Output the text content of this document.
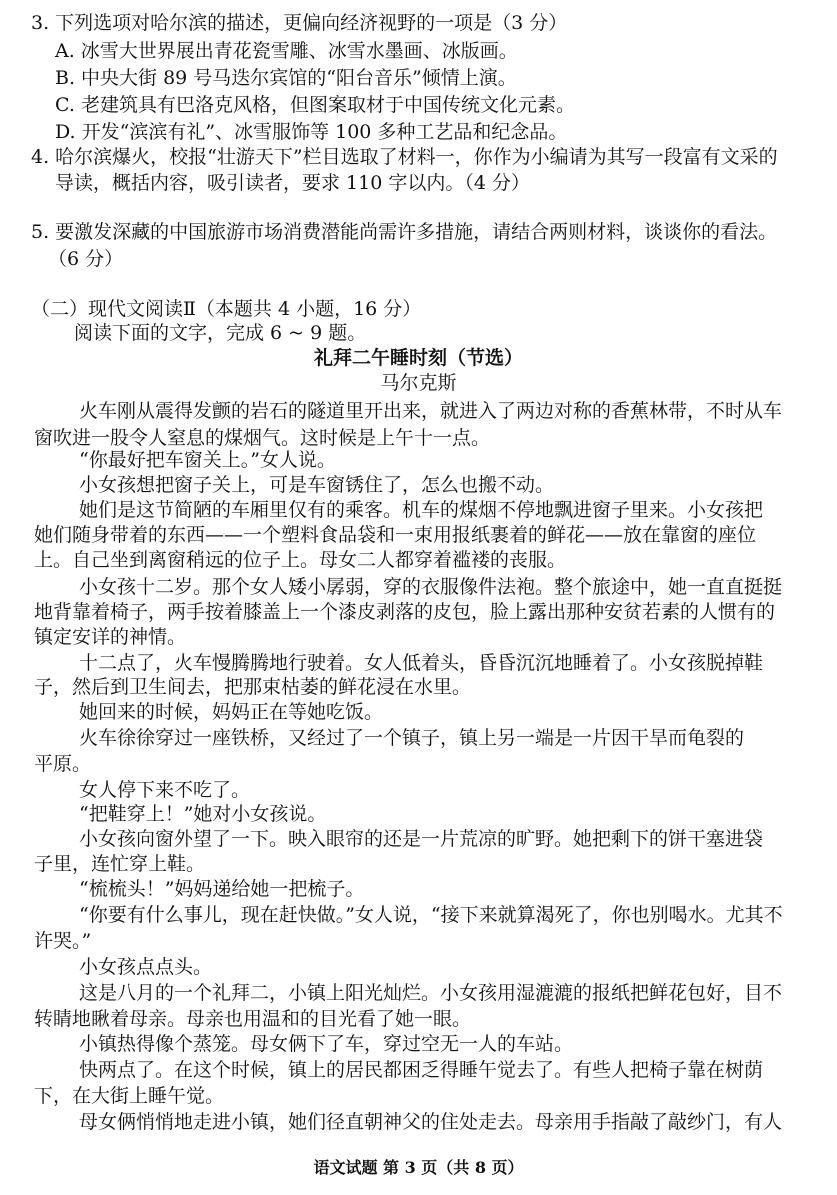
3. 下列选项对哈尔滨的描述，更偏向经济视野的一项是（3 分）
A. 冰雪大世界展出青花瓷雪雕、冰雪水墨画、冰版画。
B. 中央大街 89 号马迭尔宾馆的“阳台音乐”倾情上演。
C. 老建筑具有巴洛克风格，但图案取材于中国传统文化元素。
D. 开发“滨滨有礼”、冰雪服饰等 100 多种工艺品和纪念品。
4. 哈尔滨爆火，校报“壮游天下”栏目选取了材料一，你作为小编请为其写一段富有文采的
导读，概括内容，吸引读者，要求 110 字以内。（4 分）
5. 要激发深藏的中国旅游市场消费潜能尚需许多措施，请结合两则材料，谈谈你的看法。
（6 分）
（二）现代文阅读Ⅱ（本题共 4 小题，16 分）
阅读下面的文字，完成 6 ~ 9 题。
礼拜二午睡时刻（节选）
马尔克斯
火车刚从震得发颤的岩石的隧道里开出来，就进入了两边对称的香蕉林带，不时从车
窗吹进一股令人窒息的煤烟气。这时候是上午十一点。
“你最好把车窗关上。”女人说。
小女孩想把窗子关上，可是车窗锈住了，怎么也搬不动。
她们是这节简陋的车厢里仅有的乘客。机车的煤烟不停地飘进窗子里来。小女孩把
她们随身带着的东西——一个塑料食品袋和一束用报纸裹着的鲜花——放在靠窗的座位
上。自己坐到离窗稍远的位子上。母女二人都穿着褴褛的丧服。
小女孩十二岁。那个女人矮小孱弱，穿的衣服像件法袍。整个旅途中，她一直直挺挺
地背靠着椅子，两手按着膝盖上一个漆皮剥落的皮包，脸上露出那种安贫若素的人惯有的
镇定安详的神情。
十二点了，火车慢腾腾地行驶着。女人低着头，昏昏沉沉地睡着了。小女孩脱掉鞋
子，然后到卫生间去，把那束枯萎的鲜花浸在水里。
她回来的时候，妈妈正在等她吃饭。
火车徐徐穿过一座铁桥，又经过了一个镇子，镇上另一端是一片因干旱而龟裂的
平原。
女人停下来不吃了。
“把鞋穿上！”她对小女孩说。
小女孩向窗外望了一下。映入眼帘的还是一片荒凉的旷野。她把剩下的饼干塞进袋
子里，连忙穿上鞋。
“梳梳头！”妈妈递给她一把梳子。
“你要有什么事儿，现在赶快做。”女人说，“接下来就算渴死了，你也别喝水。尤其不
许哭。”
小女孩点点头。
这是八月的一个礼拜二，小镇上阳光灿烂。小女孩用湿漉漉的报纸把鲜花包好，目不
转睛地瞅着母亲。母亲也用温和的目光看了她一眼。
小镇热得像个蒸笼。母女俩下了车，穿过空无一人的车站。
快两点了。在这个时候，镇上的居民都困乏得睡午觉去了。有些人把椅子靠在树荫
下，在大街上睡午觉。
母女俩悄悄地走进小镇，她们径直朝神父的住处走去。母亲用手指敲了敲纱门，有人
语文试题 第 3 页（共 8 页）
